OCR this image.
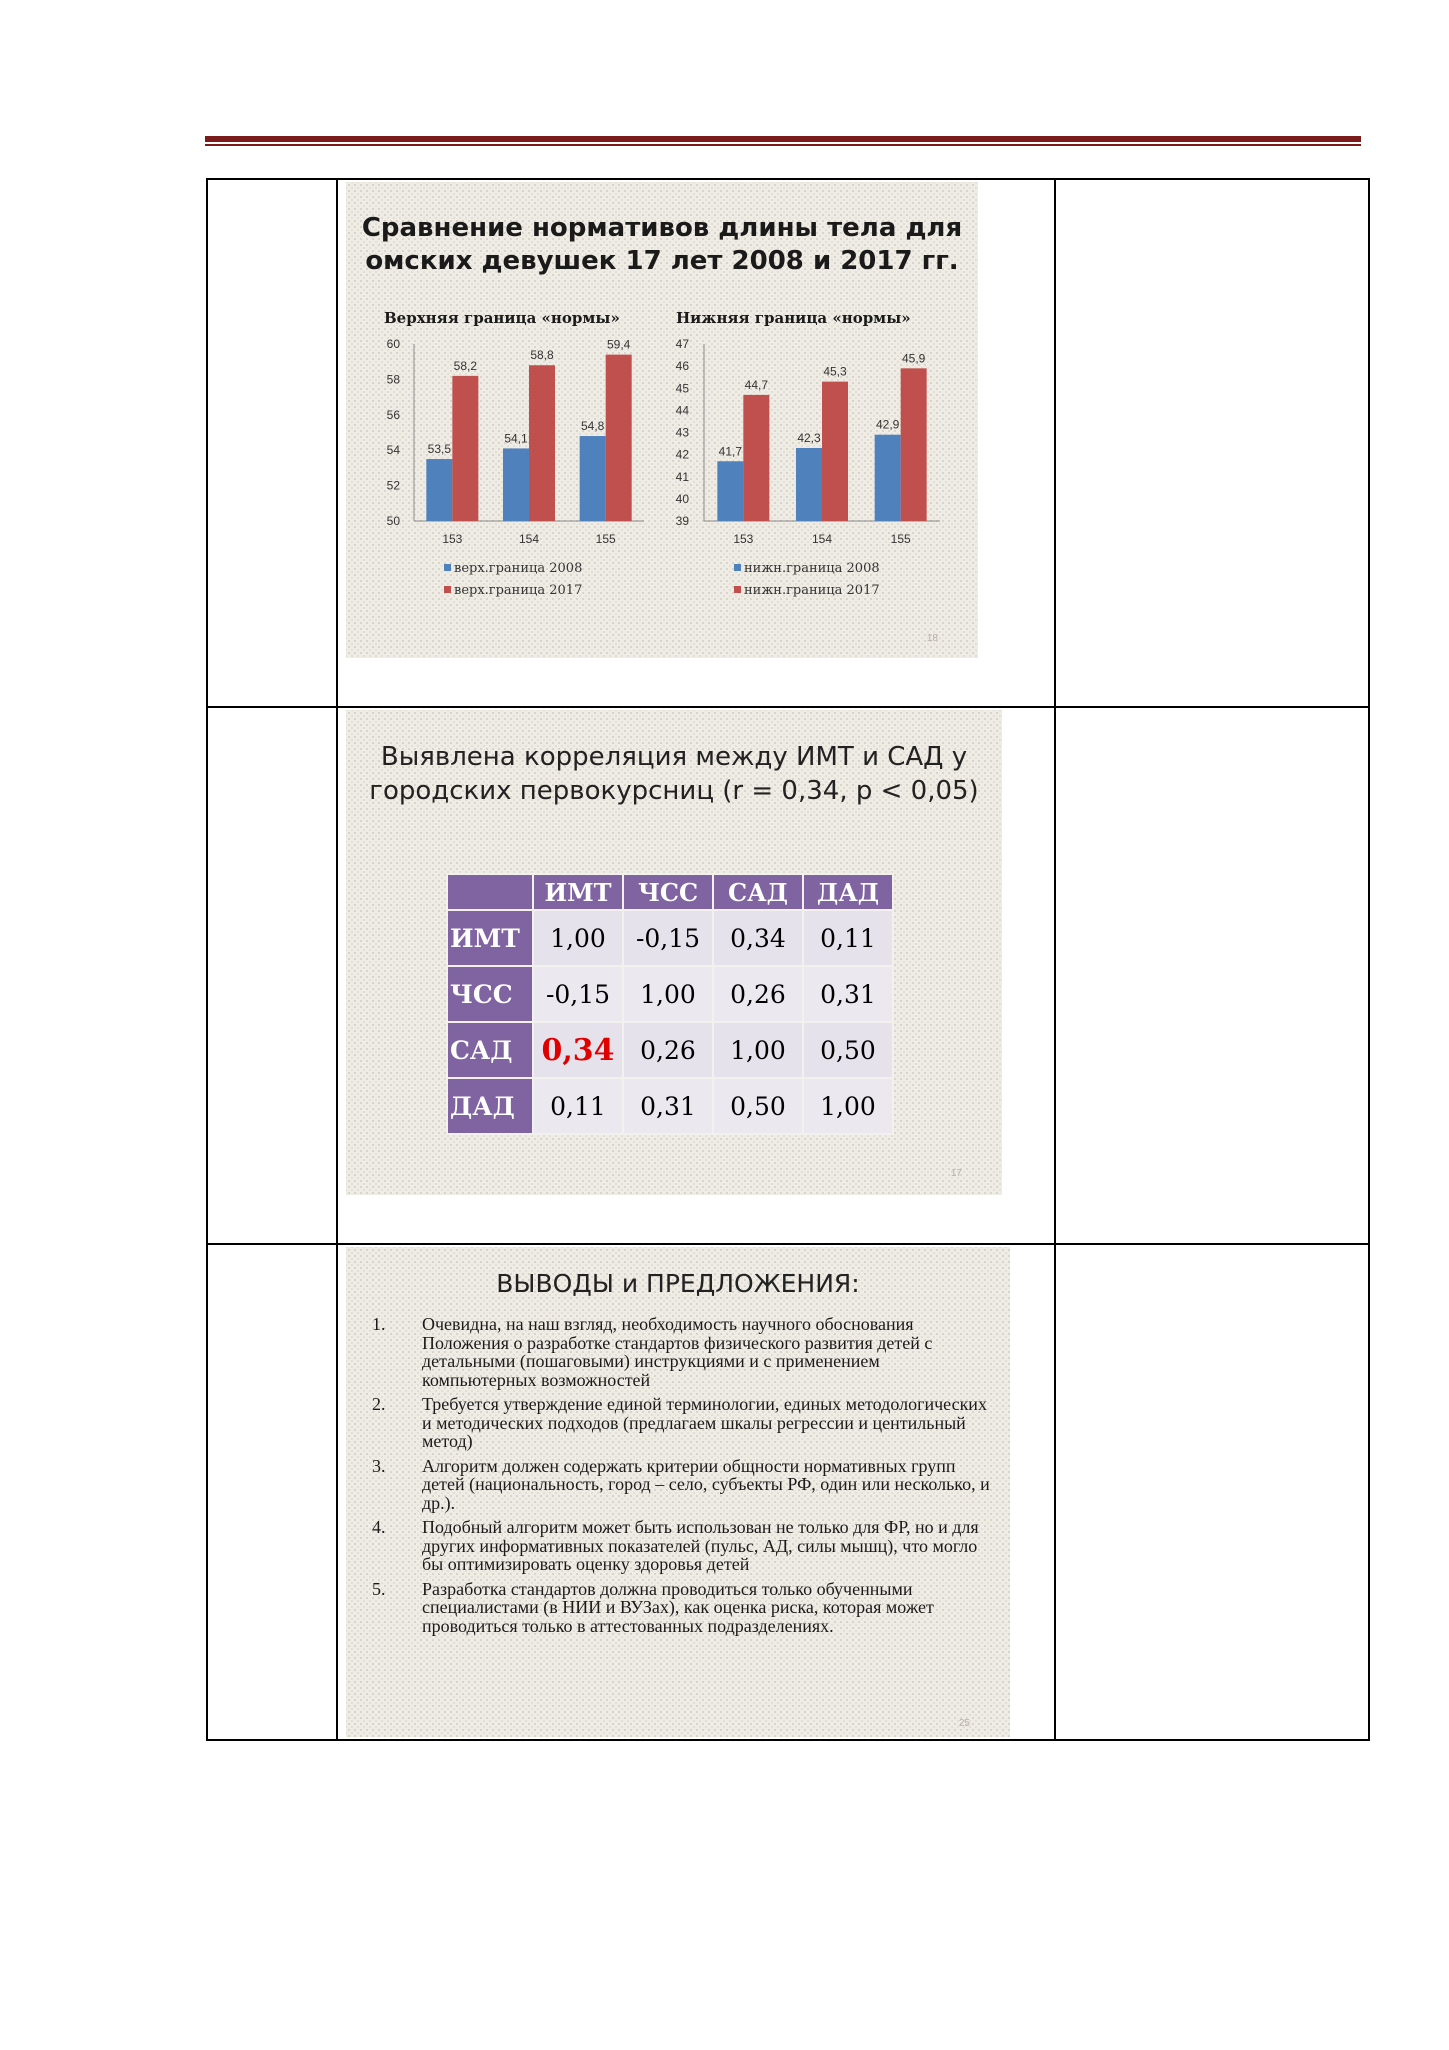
Сравнение нормативов длины тела для
омских девушек 17 лет 2008 и 2017 гг.
Верхняя граница «нормы»
50
52
54
56
58
60
53,5
58,2
153
54,1
58,8
154
54,8
59,4
155
верх.граница 2008
верх.граница 2017
Нижняя граница «нормы»
39
40
41
42
43
44
45
46
47
41,7
44,7
153
42,3
45,3
154
42,9
45,9
155
нижн.граница 2008
нижн.граница 2017
18
Выявлена корреляция между ИМТ и САД у
городских первокурсниц (r = 0,34, p < 0,05)
	ИМТ	ЧСС	САД	ДАД
ИМТ	1,00	-0,15	0,34	0,11
ЧСС	-0,15	1,00	0,26	0,31
САД	0,34	0,26	1,00	0,50
ДАД	0,11	0,31	0,50	1,00
17
ВЫВОДЫ и ПРЕДЛОЖЕНИЯ:
1. Очевидна, на наш взгляд, необходимость научного обоснования Положения о разработке стандартов физического развития детей с детальными (пошаговыми) инструкциями и с применением компьютерных возможностей
2. Требуется утверждение единой терминологии, единых методологических и методических подходов (предлагаем шкалы регрессии и центильный метод)
3. Алгоритм должен содержать критерии общности нормативных групп детей (национальность, город – село, субъекты РФ, один или несколько, и др.).
4. Подобный алгоритм может быть использован не только для ФР, но и для других информативных показателей (пульс, АД, силы мышц), что могло бы оптимизировать оценку здоровья детей
5. Разработка стандартов должна проводиться только обученными специалистами (в НИИ и ВУЗах), как оценка риска, которая может проводиться только в аттестованных подразделениях.
25
